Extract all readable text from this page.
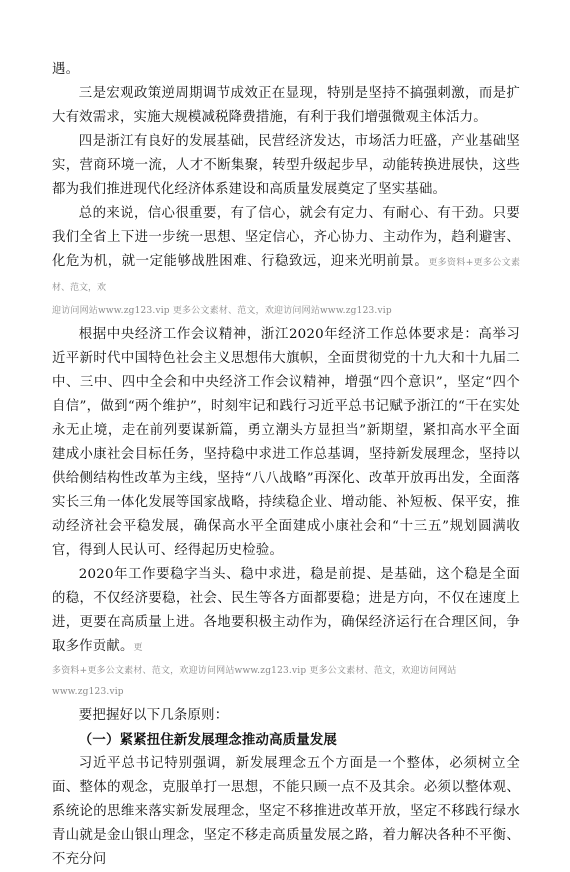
遇。

三是宏观政策逆周期调节成效正在显现，特别是坚持不搞强刺激，而是扩大有效需求，实施大规模减税降费措施，有利于我们增强微观主体活力。

四是浙江有良好的发展基础，民营经济发达，市场活力旺盛，产业基础坚实，营商环境一流，人才不断集聚，转型升级起步早，动能转换进展快，这些都为我们推进现代化经济体系建设和高质量发展奠定了坚实基础。

总的来说，信心很重要，有了信心，就会有定力、有耐心、有干劲。只要我们全省上下进一步统一思想、坚定信心，齐心协力、主动作为，趋利避害、化危为机，就一定能够战胜困难、行稳致远，迎来光明前景。更多资料+更多公文素材、范文，欢

迎访问网站www.zg123.vip 更多公文素材、范文，欢迎访问网站www.zg123.vip

根据中央经济工作会议精神，浙江2020年经济工作总体要求是：高举习近平新时代中国特色社会主义思想伟大旗帜，全面贯彻党的十九大和十九届二中、三中、四中全会和中央经济工作会议精神，增强“四个意识”，坚定“四个自信”，做到“两个维护”，时刻牢记和践行习近平总书记赋予浙江的“干在实处永无止境，走在前列要谋新篇，勇立潮头方显担当”新期望，紧扣高水平全面建成小康社会目标任务，坚持稳中求进工作总基调，坚持新发展理念，坚持以供给侧结构性改革为主线，坚持“八八战略”再深化、改革开放再出发，全面落实长三角一体化发展等国家战略，持续稳企业、增动能、补短板、保平安，推动经济社会平稳发展，确保高水平全面建成小康社会和“十三五”规划圆满收官，得到人民认可、经得起历史检验。

2020年工作要稳字当头、稳中求进，稳是前提、是基础，这个稳是全面的稳，不仅经济要稳，社会、民生等各方面都要稳；进是方向，不仅在速度上进，更要在高质量上进。各地要积极主动作为，确保经济运行在合理区间，争取多作贡献。更

多资料+更多公文素材、范文，欢迎访问网站www.zg123.vip 更多公文素材、范文，欢迎访问网站

www.zg123.vip

要把握好以下几条原则：

（一）紧紧扭住新发展理念推动高质量发展

习近平总书记特别强调，新发展理念五个方面是一个整体，必须树立全面、整体的观念，克服单打一思想，不能只顾一点不及其余。必须以整体观、系统论的思维来落实新发展理念，坚定不移推进改革开放，坚定不移践行绿水青山就是金山银山理念，坚定不移走高质量发展之路，着力解决各种不平衡、不充分问
